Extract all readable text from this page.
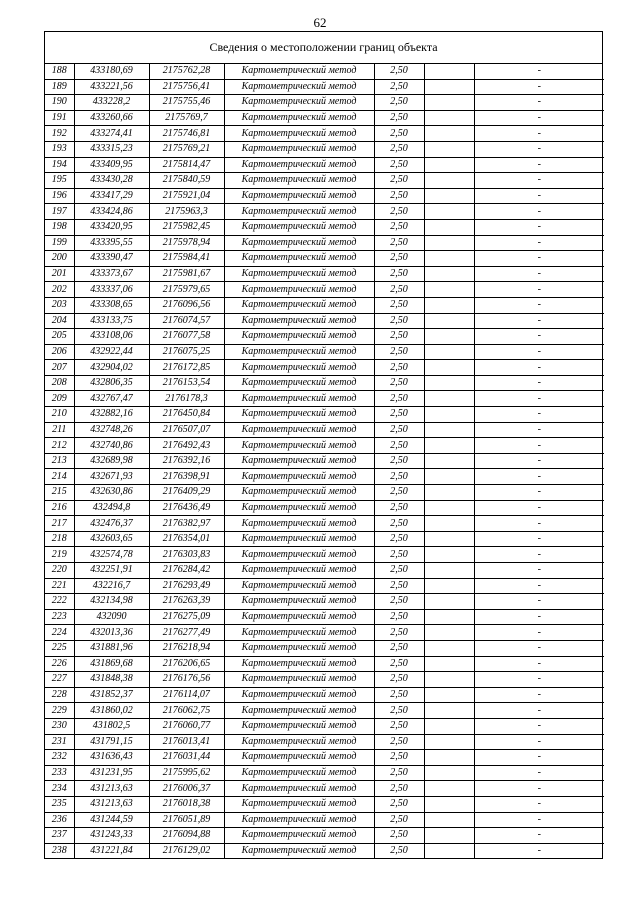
62
Сведения о местоположении границ объекта
188	433180,69	2175762,28	Картометрический метод	2,50		-
189	433221,56	2175756,41	Картометрический метод	2,50		-
190	433228,2	2175755,46	Картометрический метод	2,50		-
191	433260,66	2175769,7	Картометрический метод	2,50		-
192	433274,41	2175746,81	Картометрический метод	2,50		-
193	433315,23	2175769,21	Картометрический метод	2,50		-
194	433409,95	2175814,47	Картометрический метод	2,50		-
195	433430,28	2175840,59	Картометрический метод	2,50		-
196	433417,29	2175921,04	Картометрический метод	2,50		-
197	433424,86	2175963,3	Картометрический метод	2,50		-
198	433420,95	2175982,45	Картометрический метод	2,50		-
199	433395,55	2175978,94	Картометрический метод	2,50		-
200	433390,47	2175984,41	Картометрический метод	2,50		-
201	433373,67	2175981,67	Картометрический метод	2,50		-
202	433337,06	2175979,65	Картометрический метод	2,50		-
203	433308,65	2176096,56	Картометрический метод	2,50		-
204	433133,75	2176074,57	Картометрический метод	2,50		-
205	433108,06	2176077,58	Картометрический метод	2,50		-
206	432922,44	2176075,25	Картометрический метод	2,50		-
207	432904,02	2176172,85	Картометрический метод	2,50		-
208	432806,35	2176153,54	Картометрический метод	2,50		-
209	432767,47	2176178,3	Картометрический метод	2,50		-
210	432882,16	2176450,84	Картометрический метод	2,50		-
211	432748,26	2176507,07	Картометрический метод	2,50		-
212	432740,86	2176492,43	Картометрический метод	2,50		-
213	432689,98	2176392,16	Картометрический метод	2,50		-
214	432671,93	2176398,91	Картометрический метод	2,50		-
215	432630,86	2176409,29	Картометрический метод	2,50		-
216	432494,8	2176436,49	Картометрический метод	2,50		-
217	432476,37	2176382,97	Картометрический метод	2,50		-
218	432603,65	2176354,01	Картометрический метод	2,50		-
219	432574,78	2176303,83	Картометрический метод	2,50		-
220	432251,91	2176284,42	Картометрический метод	2,50		-
221	432216,7	2176293,49	Картометрический метод	2,50		-
222	432134,98	2176263,39	Картометрический метод	2,50		-
223	432090	2176275,09	Картометрический метод	2,50		-
224	432013,36	2176277,49	Картометрический метод	2,50		-
225	431881,96	2176218,94	Картометрический метод	2,50		-
226	431869,68	2176206,65	Картометрический метод	2,50		-
227	431848,38	2176176,56	Картометрический метод	2,50		-
228	431852,37	2176114,07	Картометрический метод	2,50		-
229	431860,02	2176062,75	Картометрический метод	2,50		-
230	431802,5	2176060,77	Картометрический метод	2,50		-
231	431791,15	2176013,41	Картометрический метод	2,50		-
232	431636,43	2176031,44	Картометрический метод	2,50		-
233	431231,95	2175995,62	Картометрический метод	2,50		-
234	431213,63	2176006,37	Картометрический метод	2,50		-
235	431213,63	2176018,38	Картометрический метод	2,50		-
236	431244,59	2176051,89	Картометрический метод	2,50		-
237	431243,33	2176094,88	Картометрический метод	2,50		-
238	431221,84	2176129,02	Картометрический метод	2,50		-
